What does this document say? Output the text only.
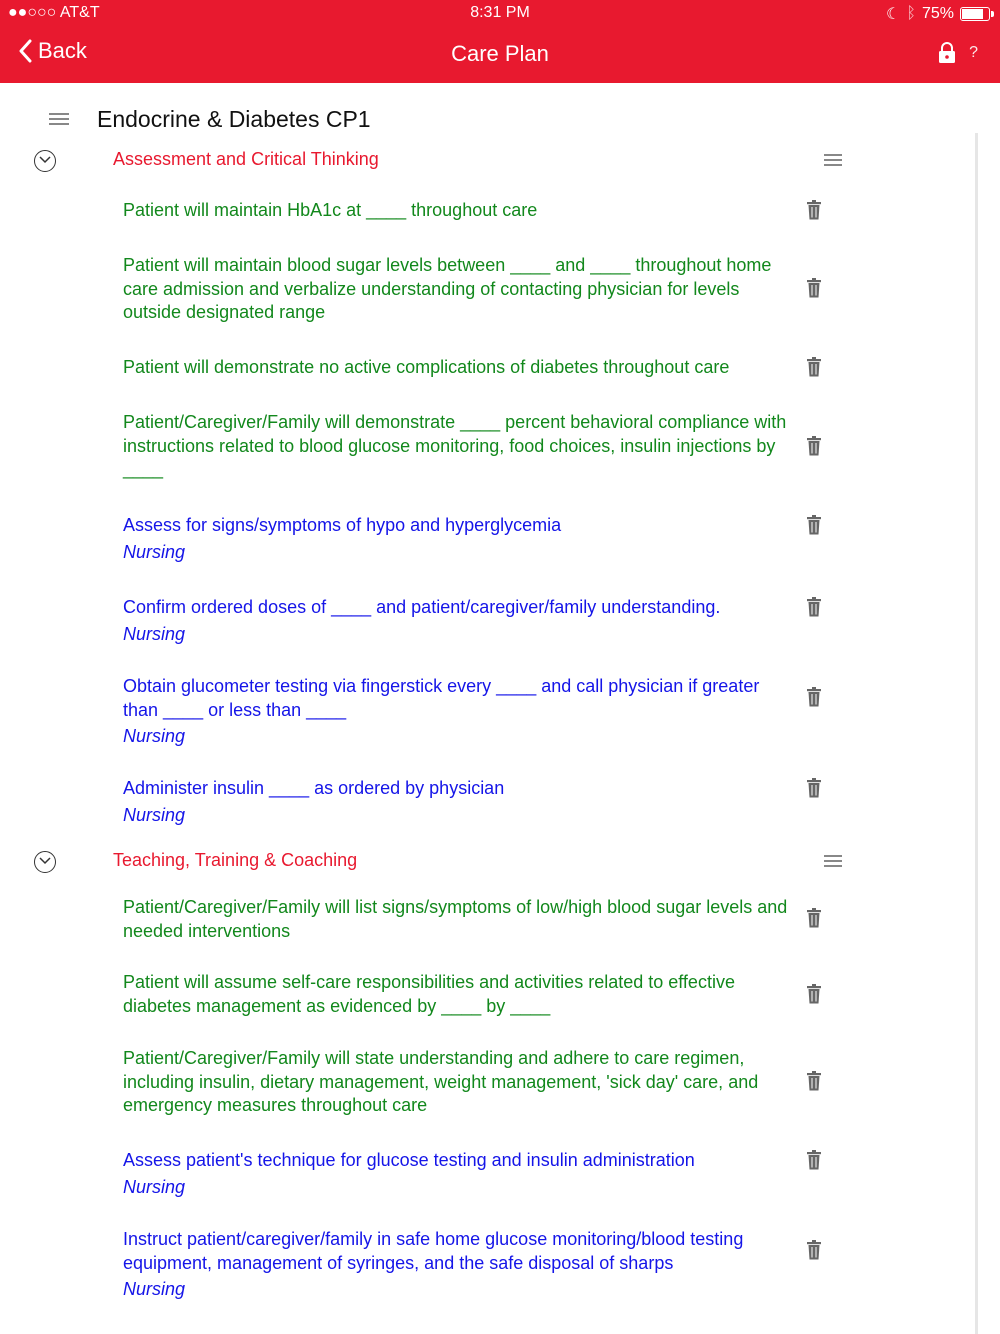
●●○○○ AT&T	8:31 PM	☾ ᛒ 75%
Back	Care Plan	?
Endocrine & Diabetes CP1
Assessment and Critical Thinking
Patient will maintain HbA1c at ____ throughout care
Patient will maintain blood sugar levels between ____ and ____ throughout home care admission and verbalize understanding of contacting physician for levels outside designated range
Patient will demonstrate no active complications of diabetes throughout care
Patient/Caregiver/Family will demonstrate ____ percent behavioral compliance with instructions related to blood glucose monitoring, food choices, insulin injections by ____
Assess for signs/symptoms of hypo and hyperglycemia
Nursing
Confirm ordered doses of ____ and patient/caregiver/family understanding.
Nursing
Obtain glucometer testing via fingerstick every ____ and call physician if greater than ____ or less than ____
Nursing
Administer insulin ____ as ordered by physician
Nursing
Teaching, Training & Coaching
Patient/Caregiver/Family will list signs/symptoms of low/high blood sugar levels and needed interventions
Patient will assume self-care responsibilities and activities related to effective diabetes management as evidenced by ____ by ____
Patient/Caregiver/Family will state understanding and adhere to care regimen, including insulin, dietary management, weight management, 'sick day' care, and emergency measures throughout care
Assess patient's technique for glucose testing and insulin administration
Nursing
Instruct patient/caregiver/family in safe home glucose monitoring/blood testing equipment, management of syringes, and the safe disposal of sharps
Nursing
